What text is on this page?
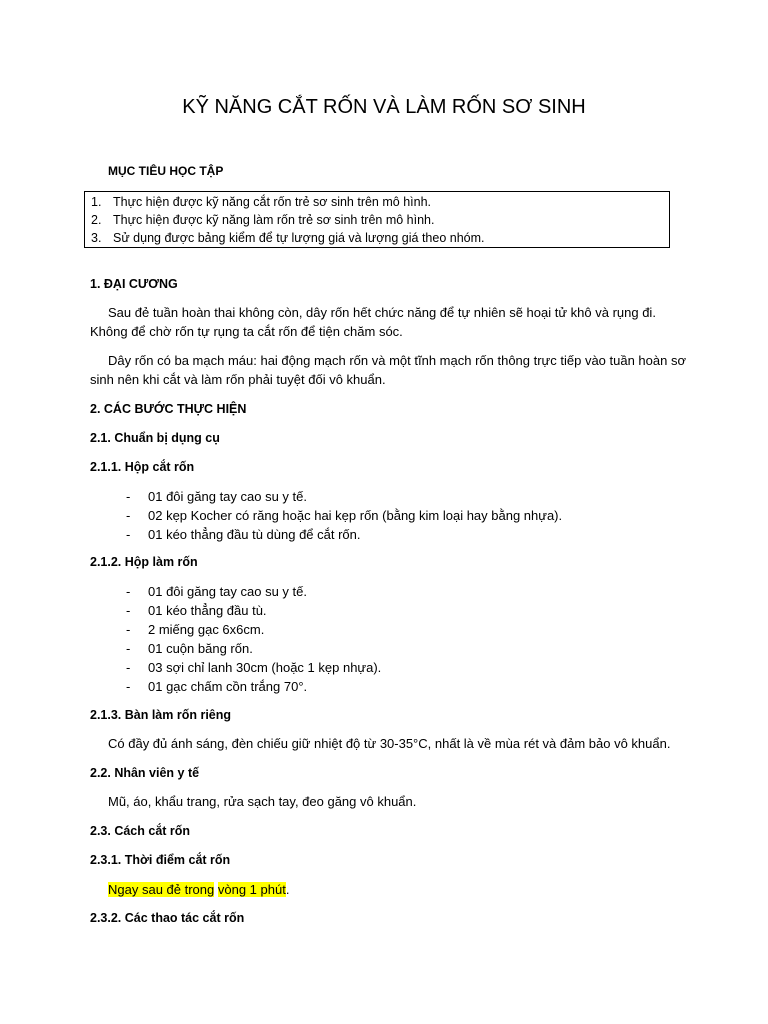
KỸ NĂNG CẮT RỐN VÀ LÀM RỐN SƠ SINH
MỤC TIÊU HỌC TẬP
1. Thực hiện được kỹ năng cắt rốn trẻ sơ sinh trên mô hình.
2. Thực hiện được kỹ năng làm rốn trẻ sơ sinh trên mô hình.
3. Sử dụng được bảng kiểm để tự lượng giá và lượng giá theo nhóm.
1. ĐẠI CƯƠNG
Sau đẻ tuần hoàn thai không còn, dây rốn hết chức năng để tự nhiên sẽ hoại tử khô và rụng đi. Không để chờ rốn tự rụng ta cắt rốn để tiện chăm sóc.
Dây rốn có ba mạch máu: hai động mạch rốn và một tĩnh mạch rốn thông trực tiếp vào tuần hoàn sơ sinh nên khi cắt và làm rốn phải tuyệt đối vô khuẩn.
2. CÁC BƯỚC THỰC HIỆN
2.1. Chuẩn bị dụng cụ
2.1.1. Hộp cắt rốn
-	01 đôi găng tay cao su y tế.
-	02 kẹp Kocher có răng hoặc hai kẹp rốn (bằng kim loại hay bằng nhựa).
-	01 kéo thẳng đầu tù dùng để cắt rốn.
2.1.2. Hộp làm rốn
-	01 đôi găng tay cao su y tế.
-	01 kéo thẳng đầu tù.
-	2 miếng gạc 6x6cm.
-	01 cuộn băng rốn.
-	03 sợi chỉ lanh 30cm (hoặc 1 kẹp nhựa).
-	01 gạc chấm cồn trắng 70°.
2.1.3. Bàn làm rốn riêng
Có đầy đủ ánh sáng, đèn chiếu giữ nhiệt độ từ 30-35°C, nhất là về mùa rét và đảm bảo vô khuẩn.
2.2. Nhân viên y tế
Mũ, áo, khẩu trang, rửa sạch tay, đeo găng vô khuẩn.
2.3. Cách cắt rốn
2.3.1. Thời điểm cắt rốn
Ngay sau đẻ trong vòng 1 phút.
2.3.2. Các thao tác cắt rốn
